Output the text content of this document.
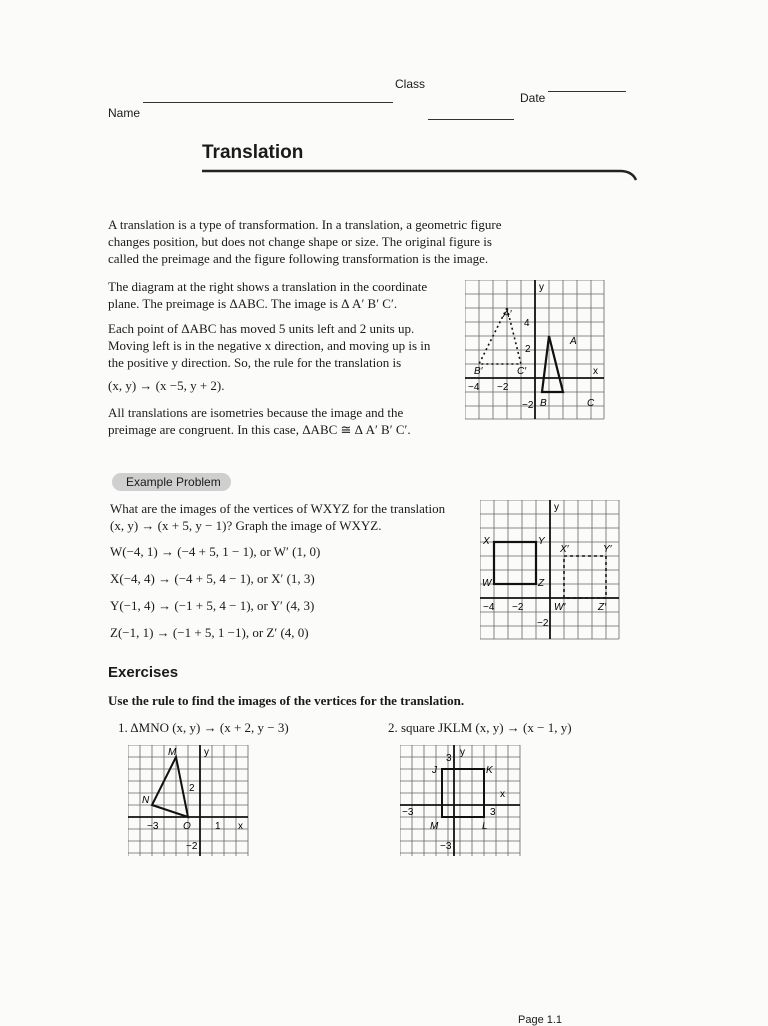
Class
Date
Name
Translation

A translation is a type of transformation. In a translation, a geometric figure changes position, but does not change shape or size. The original figure is called the preimage and the figure following transformation is the image.

The diagram at the right shows a translation in the coordinate
plane. The preimage is ΔABC. The image is Δ A′ B′ C′.
Each point of ΔABC has moved 5 units left and 2 units up.
Moving left is in the negative x direction, and moving up is in
the positive y direction. So, the rule for the translation is
(x, y) → (x −5, y + 2).
All translations are isometries because the image and the
preimage are congruent. In this case, ΔABC ≅ Δ A′ B′ C′.
y
x
4
2
−4 −2
−2
A
B	C
A′
B′	C′
Example Problem
What are the images of the vertices of WXYZ for the translation
(x, y) → (x + 5, y − 1)? Graph the image of WXYZ.
W(−4, 1) → (−4 + 5, 1 − 1), or W′ (1, 0)
X(−4, 4) → (−4 + 5, 4 − 1), or X′ (1, 3)
Y(−1, 4) → (−1 + 5, 4 − 1), or Y′ (4, 3)
Z(−1, 1) → (−1 + 5, 1 −1), or Z′ (4, 0)
y
X	Y
W	Z
X′	Y′
W′	Z′
−4 −2
−2
Exercises
Use the rule to find the images of the vertices for the translation.
1. ΔMNO (x, y) → (x + 2, y − 3)	2. square JKLM (x, y) → (x − 1, y)
M	y
2
N
−3 O 1 x
−2
3
y
J	K
x
−3	3
M	L
−3
Page 1.1
